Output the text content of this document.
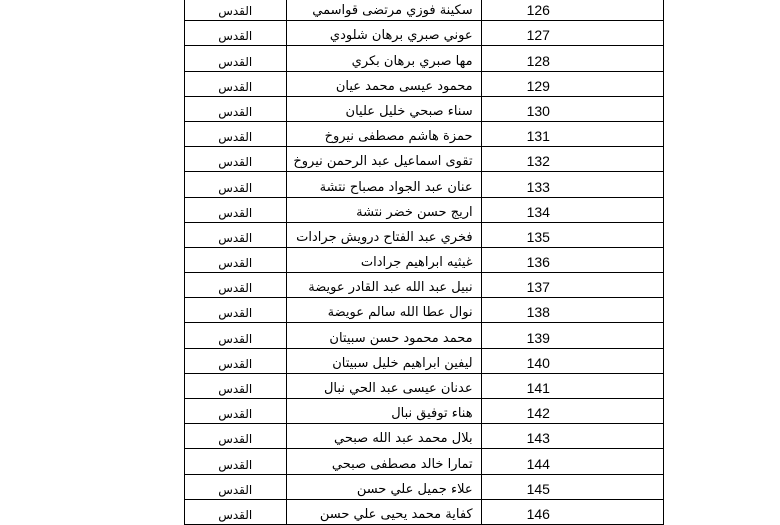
القدس	سكينة فوزي مرتضى قواسمي	126
القدس	عوني صبري برهان شلودي	127
القدس	مها صبري برهان بكري	128
القدس	محمود عيسى محمد عيان	129
القدس	سناء صبحي خليل عليان	130
القدس	حمزة هاشم مصطفى نيروخ	131
القدس	تقوى اسماعيل عبد الرحمن نيروخ	132
القدس	عنان عبد الجواد مصباح نتشة	133
القدس	اريج حسن خضر نتشة	134
القدس	فخري عبد الفتاح درويش جرادات	135
القدس	غيثيه ابراهيم جرادات	136
القدس	نبيل عبد الله عبد القادر عويضة	137
القدس	نوال عطا الله سالم عويضة	138
القدس	محمد محمود حسن سبيتان	139
القدس	ليفين ابراهيم خليل سبيتان	140
القدس	عدنان عيسى عبد الحي نبال	141
القدس	هناء توفيق نبال	142
القدس	بلال محمد عبد الله صبحي	143
القدس	تمارا خالد مصطفى صبحي	144
القدس	علاء جميل علي حسن	145
القدس	كفاية محمد يحيى علي حسن	146
